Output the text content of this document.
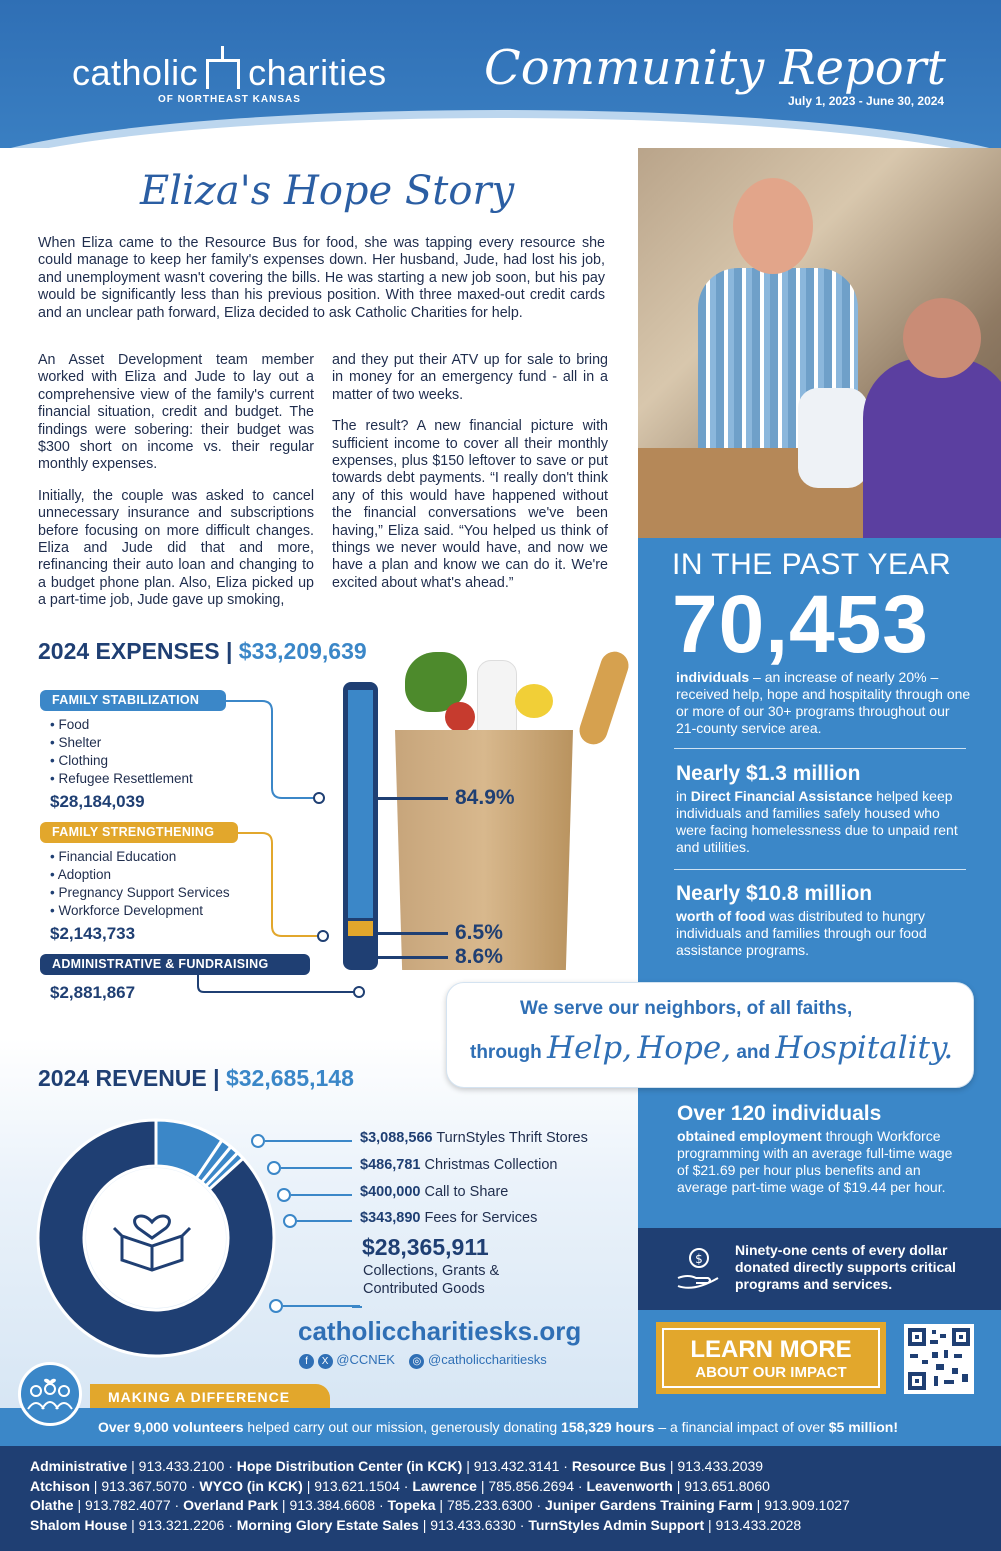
catholic charities
OF NORTHEAST KANSAS
Community Report
July 1, 2023 - June 30, 2024
Eliza's Hope Story
When Eliza came to the Resource Bus for food, she was tapping every resource she could manage to keep her family's expenses down. Her husband, Jude, had lost his job, and unemployment wasn't covering the bills. He was starting a new job soon, but his pay would be significantly less than his previous position. With three maxed-out credit cards and an unclear path forward, Eliza decided to ask Catholic Charities for help.

An Asset Development team member worked with Eliza and Jude to lay out a comprehensive view of the family's current financial situation, credit and budget. The findings were sobering: their budget was $300 short on income vs. their regular monthly expenses.

Initially, the couple was asked to cancel unnecessary insurance and subscriptions before focusing on more difficult changes. Eliza and Jude did that and more, refinancing their auto loan and changing to a budget phone plan. Also, Eliza picked up a part-time job, Jude gave up smoking,

and they put their ATV up for sale to bring in money for an emergency fund - all in a matter of two weeks.

The result? A new financial picture with sufficient income to cover all their monthly expenses, plus $150 leftover to save or put towards debt payments. “I really don't think any of this would have happened without the financial conversations we've been having,” Eliza said. “You helped us think of things we never would have, and now we have a plan and know we can do it. We're excited about what's ahead.”

IN THE PAST YEAR
70,453
individuals – an increase of nearly 20% – received help, hope and hospitality through one or more of our 30+ programs throughout our 21-county service area.
Nearly $1.3 million
in Direct Financial Assistance helped keep individuals and families safely housed who were facing homelessness due to unpaid rent and utilities.
Nearly $10.8 million
worth of food was distributed to hungry individuals and families through our food assistance programs.
Over 120 individuals
obtained employment through Workforce programming with an average full-time wage of $21.69 per hour plus benefits and an average part-time wage of $19.44 per hour.
$
Ninety-one cents of every dollar donated directly supports critical programs and services.
2024 EXPENSES | $33,209,639
FAMILY STABILIZATION
• Food
• Shelter
• Clothing
• Refugee Resettlement
$28,184,039
FAMILY STRENGTHENING
• Financial Education
• Adoption
• Pregnancy Support Services
• Workforce Development
$2,143,733
ADMINISTRATIVE & FUNDRAISING
$2,881,867
84.9%
6.5%
8.6%
We serve our neighbors, of all faiths,
through Help, Hope, and Hospitality.
2024 REVENUE | $32,685,148
$3,088,566 TurnStyles Thrift Stores
$486,781 Christmas Collection
$400,000 Call to Share
$343,890 Fees for Services
$28,365,911
Collections, Grants &
Contributed Goods
catholiccharitiesks.org
f X @CCNEK ◎ @catholiccharitiesks	LEARN MORE
ABOUT OUR IMPACT
MAKING A DIFFERENCE
Over 9,000 volunteers helped carry out our mission, generously donating 158,329 hours – a financial impact of over $5 million!
Administrative | 913.433.2100 · Hope Distribution Center (in KCK) | 913.432.3141 · Resource Bus | 913.433.2039
Atchison | 913.367.5070 · WYCO (in KCK) | 913.621.1504 · Lawrence | 785.856.2694 · Leavenworth | 913.651.8060
Olathe | 913.782.4077 · Overland Park | 913.384.6608 · Topeka | 785.233.6300 · Juniper Gardens Training Farm | 913.909.1027
Shalom House | 913.321.2206 · Morning Glory Estate Sales | 913.433.6330 · TurnStyles Admin Support | 913.433.2028
